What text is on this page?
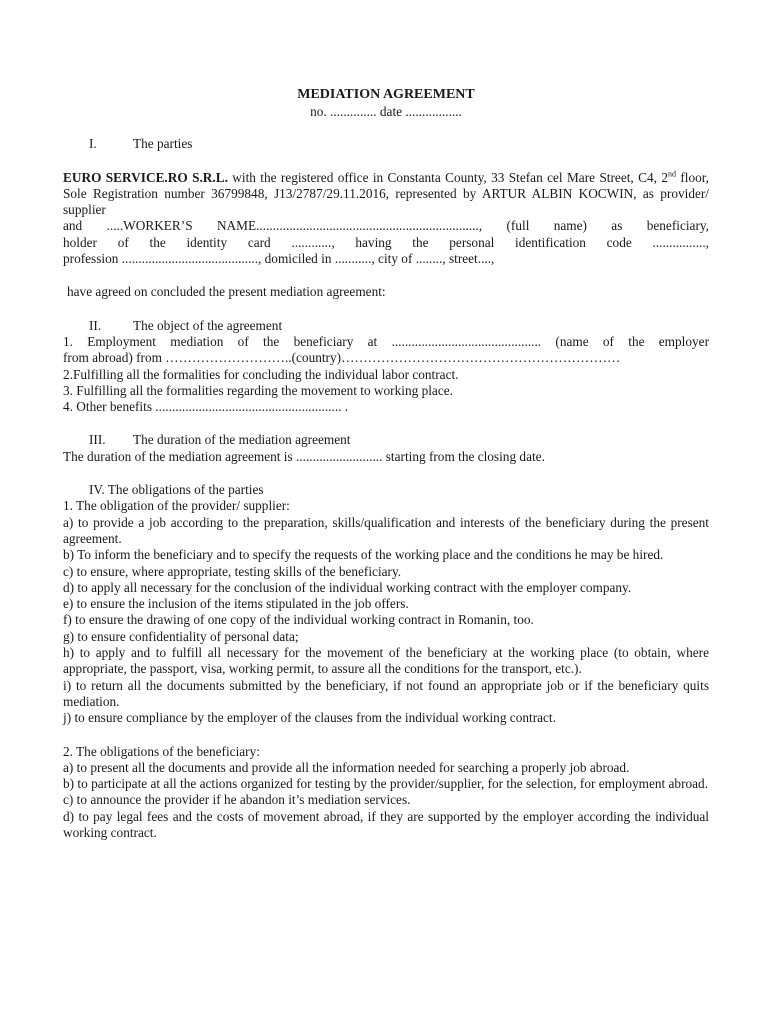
MEDIATION AGREEMENT
no. .............. date .................
I.	The parties
EURO SERVICE.RO S.R.L. with the registered office in Constanta County, 33 Stefan cel Mare Street, C4, 2nd floor, Sole Registration number 36799848, J13/2787/29.11.2016, represented by ARTUR ALBIN KOCWIN, as provider/ supplier
and .....WORKER’S NAME..................................................................., (full name) as beneficiary,
holder of the identity card ............, having the personal identification code ................,
profession ........................................., domiciled in ..........., city of ........, street....,
have agreed on concluded the present mediation agreement:
II.	The object of the agreement
1. Employment mediation of the beneficiary at ............................................. (name of the employer
from abroad) from ………………………..(country)………………………………………………………
2.Fulfilling all the formalities for concluding the individual labor contract.
3. Fulfilling all the formalities regarding the movement to working place.
4. Other benefits ........................................................ .
III.	The duration of the mediation agreement
The duration of the mediation agreement is .......................... starting from the closing date.
IV. The obligations of the parties
1. The obligation of the provider/ supplier:
a) to provide a job according to the preparation, skills/qualification and interests of the beneficiary during the present agreement.
b) To inform the beneficiary and to specify the requests of the working place and the conditions he may be hired.
c) to ensure, where appropriate, testing skills of the beneficiary.
d) to apply all necessary for the conclusion of the individual working contract with the employer company.
e) to ensure the inclusion of the items stipulated in the job offers.
f) to ensure the drawing of one copy of the individual working contract in Romanin, too.
g) to ensure confidentiality of personal data;
h) to apply and to fulfill all necessary for the movement of the beneficiary at the working place (to obtain, where appropriate, the passport, visa, working permit, to assure all the conditions for the transport, etc.).
i) to return all the documents submitted by the beneficiary, if not found an appropriate job or if the beneficiary quits mediation.
j) to ensure compliance by the employer of the clauses from the individual working contract.
2. The obligations of the beneficiary:
a) to present all the documents and provide all the information needed for searching a properly job abroad.
b) to participate at all the actions organized for testing by the provider/supplier, for the selection, for employment abroad.
c) to announce the provider if he abandon it’s mediation services.
d) to pay legal fees and the costs of movement abroad, if they are supported by the employer according the individual working contract.
